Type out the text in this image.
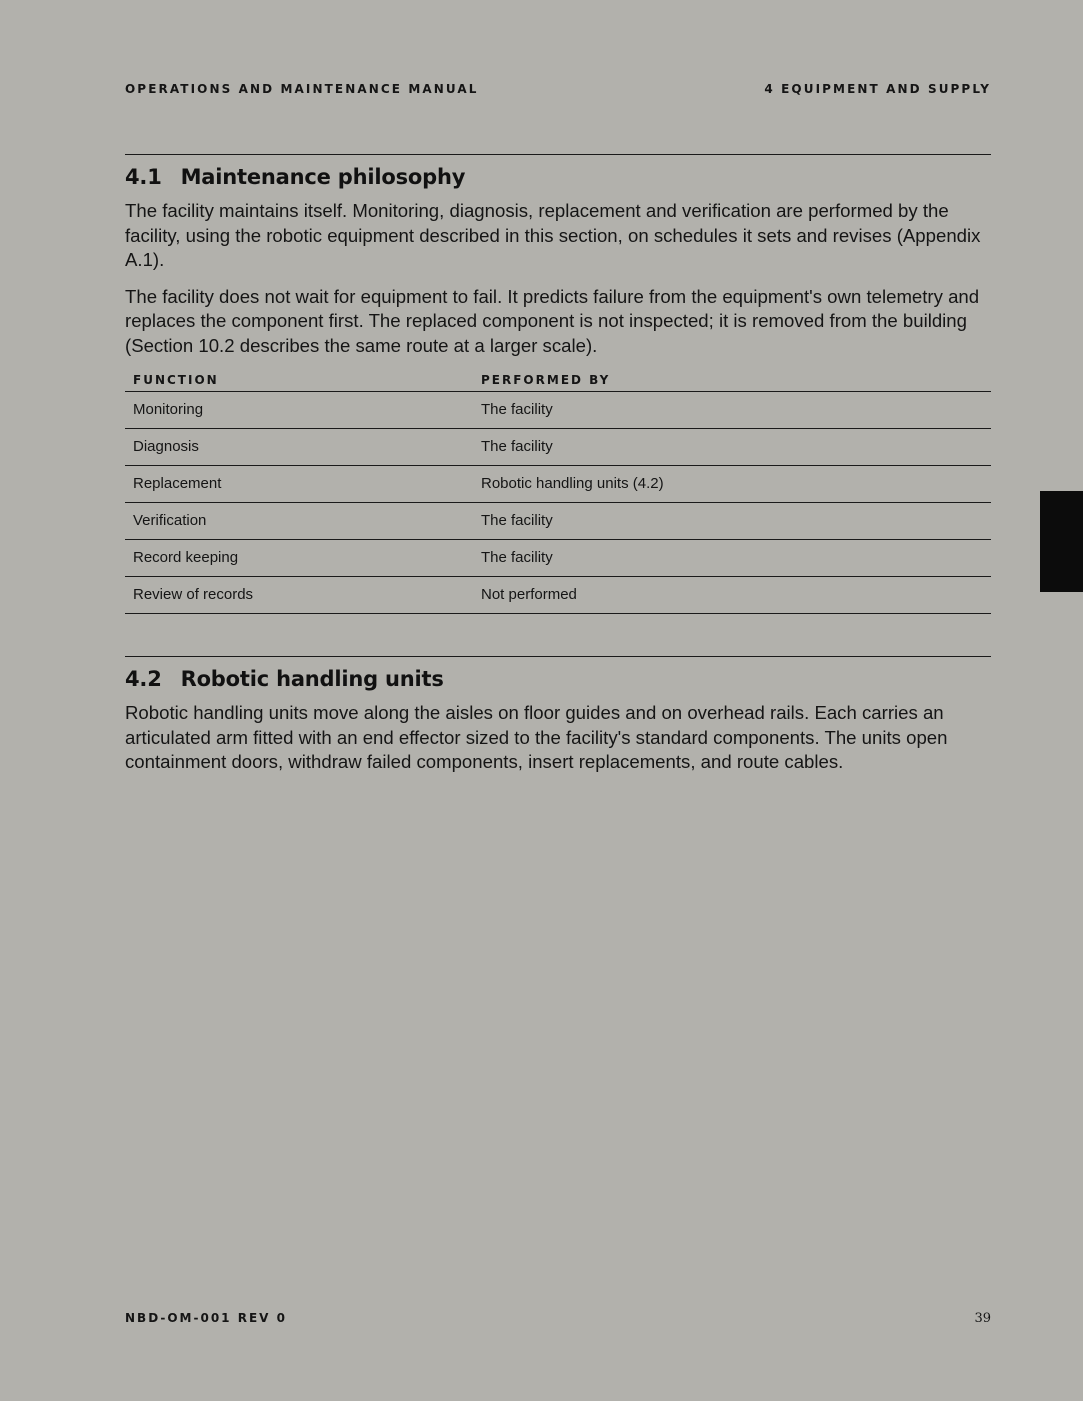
OPERATIONS AND MAINTENANCE MANUAL	4 EQUIPMENT AND SUPPLY
4.1 Maintenance philosophy

The facility maintains itself. Monitoring, diagnosis, replacement and verification are performed by the facility, using the robotic equipment described in this section, on schedules it sets and revises (Appendix A.1).

The facility does not wait for equipment to fail. It predicts failure from the equipment's own telemetry and replaces the component first. The replaced component is not inspected; it is removed from the building (Section 10.2 describes the same route at a larger scale).

FUNCTION	PERFORMED BY
Monitoring	The facility
Diagnosis	The facility
Replacement	Robotic handling units (4.2)
Verification	The facility
Record keeping	The facility
Review of records	Not performed
4.2 Robotic handling units

Robotic handling units move along the aisles on floor guides and on overhead rails. Each carries an articulated arm fitted with an end effector sized to the facility's standard components. The units open containment doors, withdraw failed components, insert replacements, and route cables.

NBD-OM-001 REV 0	39
